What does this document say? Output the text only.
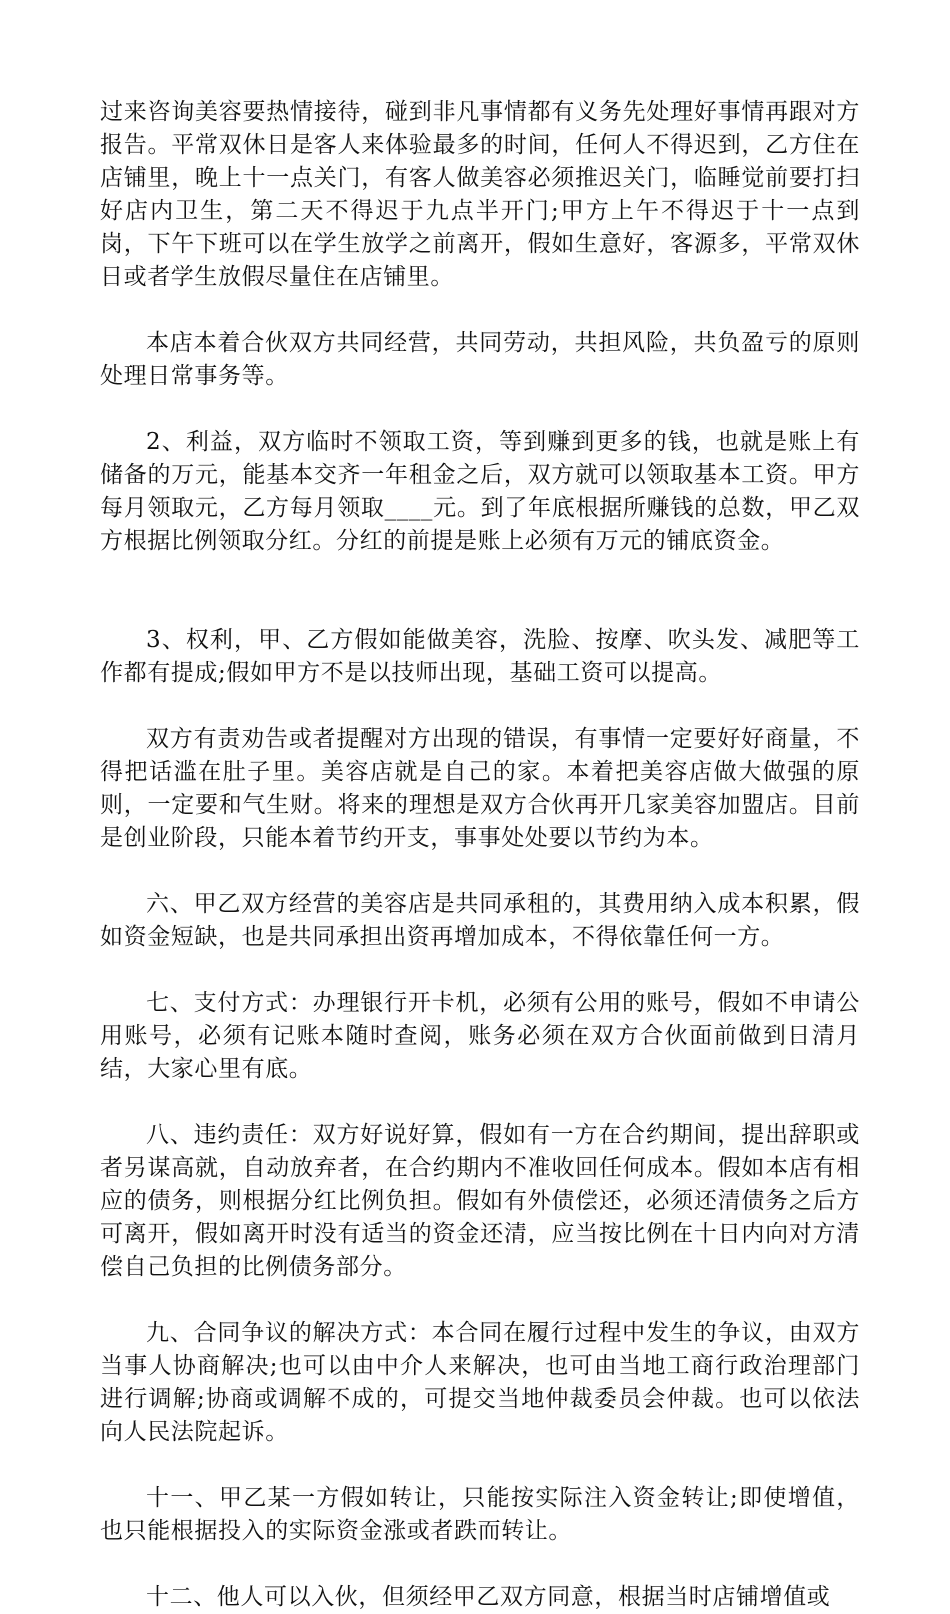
过来咨询美容要热情接待，碰到非凡事情都有义务先处理好事情再跟对方报告。平常双休日是客人来体验最多的时间，任何人不得迟到，乙方住在店铺里，晚上十一点关门，有客人做美容必须推迟关门，临睡觉前要打扫好店内卫生，第二天不得迟于九点半开门;甲方上午不得迟于十一点到岗，下午下班可以在学生放学之前离开，假如生意好，客源多，平常双休日或者学生放假尽量住在店铺里。

本店本着合伙双方共同经营，共同劳动，共担风险，共负盈亏的原则处理日常事务等。

2、利益，双方临时不领取工资，等到赚到更多的钱，也就是账上有储备的万元，能基本交齐一年租金之后，双方就可以领取基本工资。甲方每月领取元，乙方每月领取____元。到了年底根据所赚钱的总数，甲乙双方根据比例领取分红。分红的前提是账上必须有万元的铺底资金。

3、权利，甲、乙方假如能做美容，洗脸、按摩、吹头发、减肥等工作都有提成;假如甲方不是以技师出现，基础工资可以提高。

双方有责劝告或者提醒对方出现的错误，有事情一定要好好商量，不得把话滥在肚子里。美容店就是自己的家。本着把美容店做大做强的原则，一定要和气生财。将来的理想是双方合伙再开几家美容加盟店。目前是创业阶段，只能本着节约开支，事事处处要以节约为本。

六、甲乙双方经营的美容店是共同承租的，其费用纳入成本积累，假如资金短缺，也是共同承担出资再增加成本，不得依靠任何一方。

七、支付方式：办理银行开卡机，必须有公用的账号，假如不申请公用账号，必须有记账本随时查阅，账务必须在双方合伙面前做到日清月结，大家心里有底。

八、违约责任：双方好说好算，假如有一方在合约期间，提出辞职或者另谋高就，自动放弃者，在合约期内不准收回任何成本。假如本店有相应的债务，则根据分红比例负担。假如有外债偿还，必须还清债务之后方可离开，假如离开时没有适当的资金还清，应当按比例在十日内向对方清偿自己负担的比例债务部分。

九、合同争议的解决方式：本合同在履行过程中发生的争议，由双方当事人协商解决;也可以由中介人来解决，也可由当地工商行政治理部门进行调解;协商或调解不成的，可提交当地仲裁委员会仲裁。也可以依法向人民法院起诉。

十一、甲乙某一方假如转让，只能按实际注入资金转让;即使增值，也只能根据投入的实际资金涨或者跌而转让。

十二、他人可以入伙，但须经甲乙双方同意，根据当时店铺增值或
